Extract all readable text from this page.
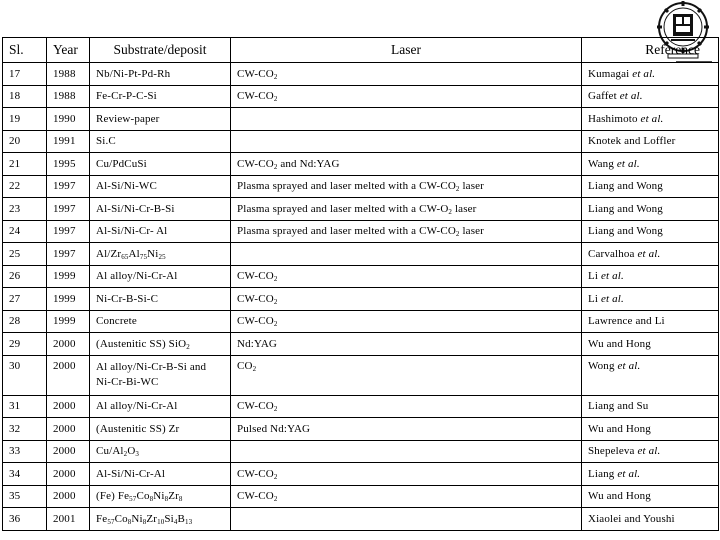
Sl.	Year	Substrate/deposit	Laser	Reference
17	1988	Nb/Ni-Pt-Pd-Rh	$CW-CO_2$	Kumagai et al.
18	1988	Fe-Cr-P-C-Si	$CW-CO_2$	Gaffet et al.
19	1990	Review-paper		Hashimoto et al.
20	1991	Si.C		Knotek and Loffler
21	1995	Cu/PdCuSi	$CW-CO_2$ and Nd:YAG	Wang et al.
22	1997	Al-Si/Ni-WC	Plasma sprayed and laser melted with a $CW-CO_2$ laser	Liang and Wong
23	1997	Al-Si/Ni-Cr-B-Si	Plasma sprayed and laser melted with a $CW-O_2$ laser	Liang and Wong
24	1997	Al-Si/Ni-Cr- Al	Plasma sprayed and laser melted with a $CW-CO_2$ laser	Liang and Wong
25	1997	$Al/Zr_{65}Al_{75}Ni_{25}$		Carvalhoa et al.
26	1999	Al alloy/Ni-Cr-Al	$CW-CO_2$	Li et al.
27	1999	Ni-Cr-B-Si-C	$CW-CO_2$	Li et al.
28	1999	Concrete	$CW-CO_2$	Lawrence and Li
29	2000	(Austenitic SS) SiO$_2$	Nd:YAG	Wu and Hong
30	2000	Al alloy/Ni-Cr-B-Si and Ni-Cr-Bi-WC	$CO_2$	Wong et al.
31	2000	Al alloy/Ni-Cr-Al	$CW-CO_2$	Liang and Su
32	2000	(Austenitic SS) Zr	Pulsed Nd:YAG	Wu and Hong
33	2000	$Cu/Al_2O_3$		Shepeleva et al.
34	2000	Al-Si/Ni-Cr-Al	$CW-CO_2$	Liang et al.
35	2000	(Fe) $Fe_{57}Co_8Ni_8Zr_8$	$CW-CO_2$	Wu and Hong
36	2001	$Fe_{57}Co_8Ni_8Zr_{10}Si_4B_{13}$		Xiaolei and Youshi
